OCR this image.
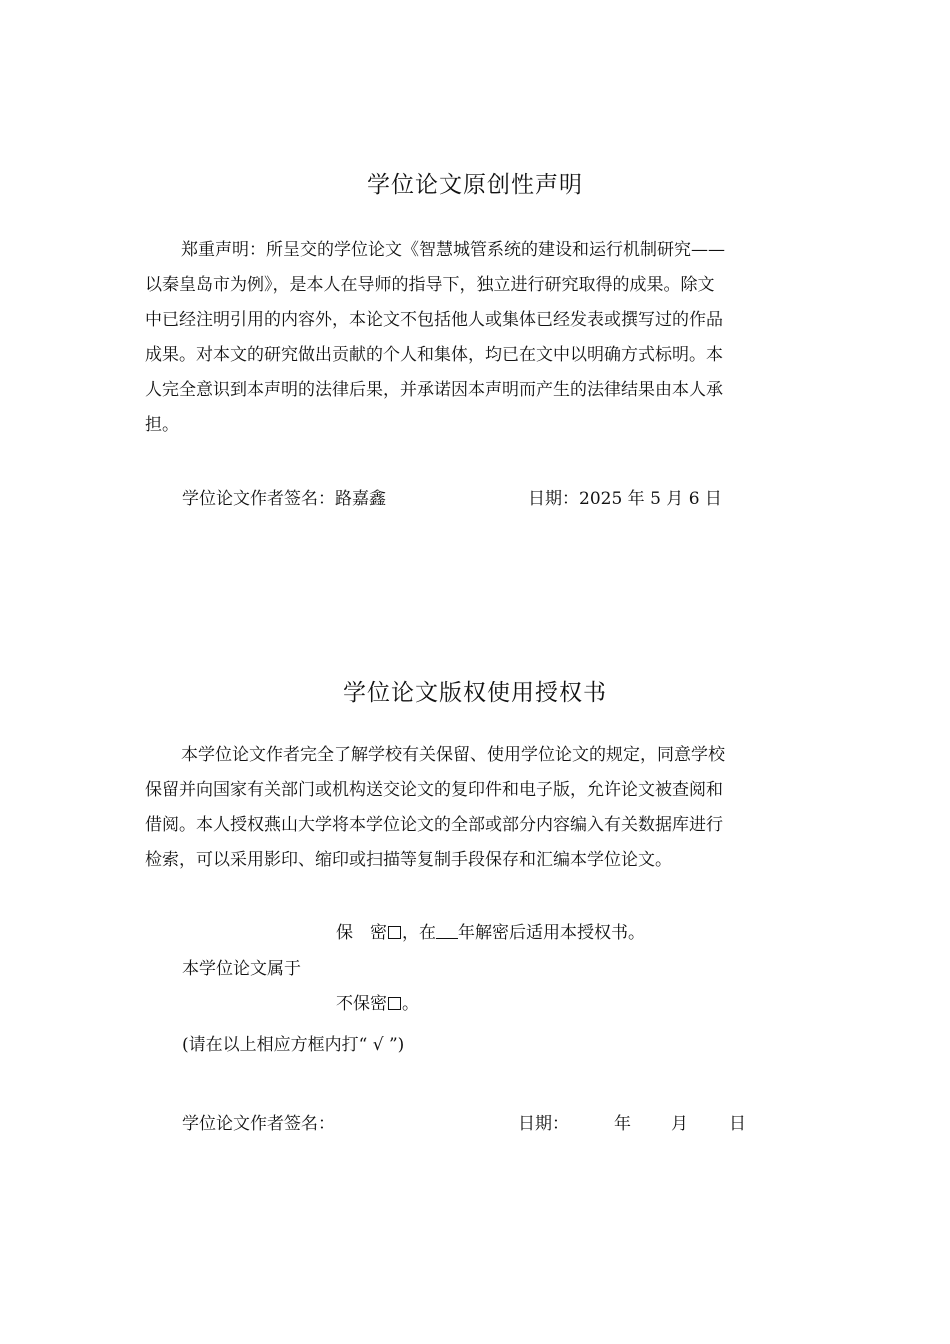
学位论文原创性声明
郑重声明：所呈交的学位论文《智慧城管系统的建设和运行机制研究——
以秦皇岛市为例》，是本人在导师的指导下，独立进行研究取得的成果。除文
中已经注明引用的内容外，本论文不包括他人或集体已经发表或撰写过的作品
成果。对本文的研究做出贡献的个人和集体，均已在文中以明确方式标明。本
人完全意识到本声明的法律后果，并承诺因本声明而产生的法律结果由本人承
担。
学位论文作者签名：路嘉鑫	日期：2025 年 5 月 6 日
学位论文版权使用授权书
本学位论文作者完全了解学校有关保留、使用学位论文的规定，同意学校
保留并向国家有关部门或机构送交论文的复印件和电子版，允许论文被查阅和
借阅。本人授权燕山大学将本学位论文的全部或部分内容编入有关数据库进行
检索，可以采用影印、缩印或扫描等复制手段保存和汇编本学位论文。
保　密 ，在 年解密后适用本授权书。
本学位论文属于
不保密 。
(请在以上相应方框内打“ √ ”)
学位论文作者签名：	日期：	年 月 日
